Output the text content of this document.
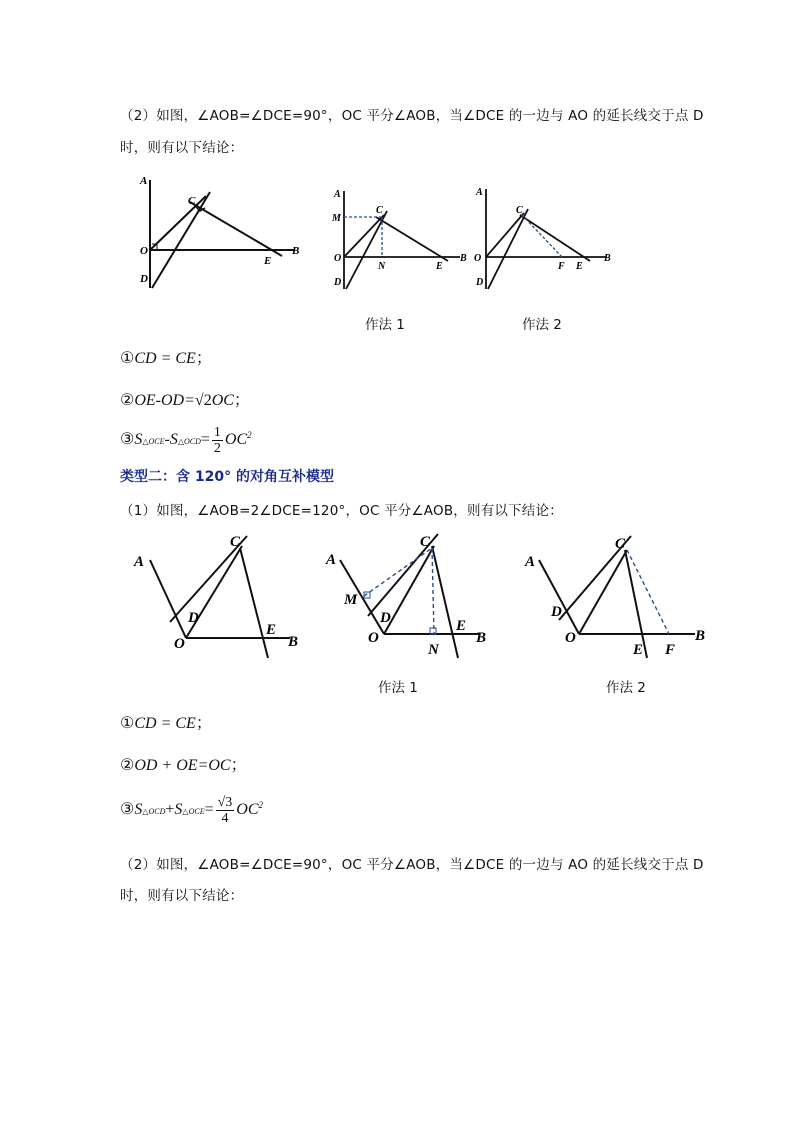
（2）如图，∠AOB=∠DCE=90°，OC 平分∠AOB，当∠DCE 的一边与 AO 的延长线交于点 D
时，则有以下结论：
A
C
O	B
E
D
A
M
C
O
N	E
B
D
A
C
O
F E
B
D
作法 1	作法 2
①CD = CE；
②OE-OD=√2OC；
③S△OCE-S△OCD= $\frac{1}{2} OC^2$
类型二：含 120° 的对角互补模型
（1）如图，∠AOB=2∠DCE=120°，OC 平分∠AOB，则有以下结论：
A
C
D
O
E
B
A
C
M
D
O
E
B
N
A
C
D
O
E F
B
作法 1	作法 2
①CD = CE；
②OD + OE=OC；
③S△OCD+S△OCE= $\frac{√3}{4} OC^2$
（2）如图，∠AOB=∠DCE=90°，OC 平分∠AOB，当∠DCE 的一边与 AO 的延长线交于点 D
时，则有以下结论：
